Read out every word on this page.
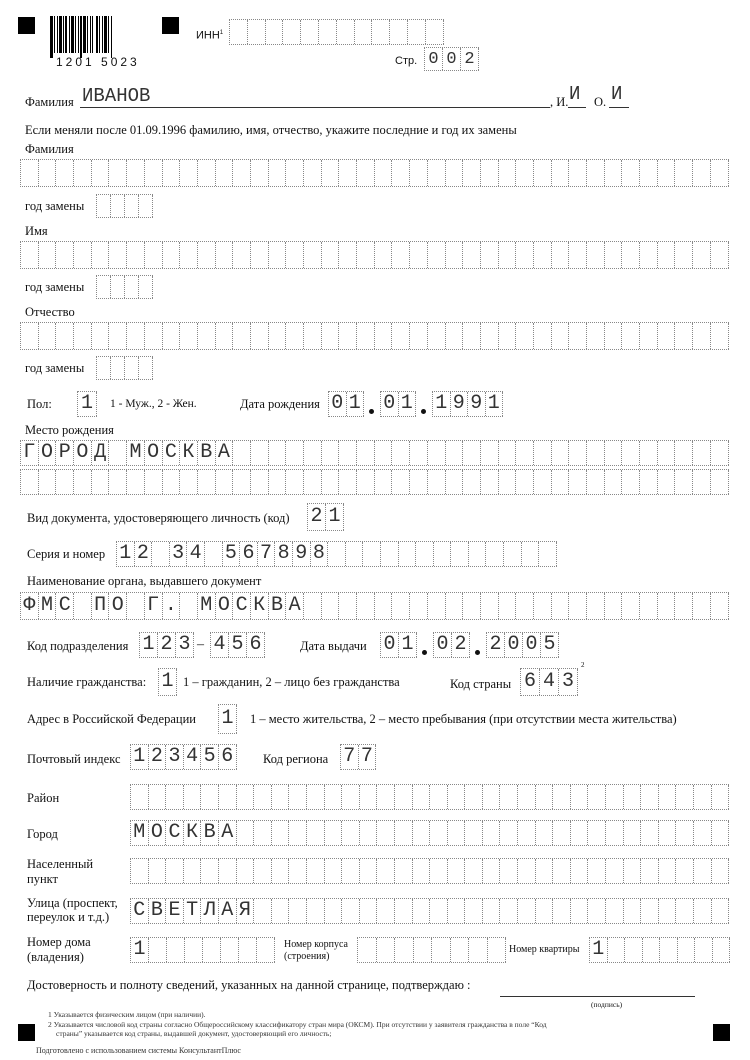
1201 5023
ИНН$^1$
Стр. 0 0 2
Фамилия ИВАНОВ	, И. И О. И
Если меняли после 01.09.1996 фамилию, имя, отчество, укажите последние и год их замены
Фамилия
год замены
Имя
год замены
Отчество
год замены
Пол: 1	1 - Муж., 2 - Жен.	Дата рождения 0 1 0 1 1 9 9 1
Место рождения
Г О Р О Д М О С К В А
Вид документа, удостоверяющего личность (код) 2 1
Серия и номер 1 2 3 4 5 6 7 8 9 8
Наименование органа, выдавшего документ
Ф М С П О Г . М О С К В А
Код подразделения 1 2 3 – 4 5 6	Дата выдачи 0 1 0 2 2 0 0 5
Наличие гражданства: 1 1 – гражданин, 2 – лицо без гражданства	Код страны 6 4 3
2
Адрес в Российской Федерации 1 1 – место жительства, 2 – место пребывания (при отсутствии места жительства)
Почтовый индекс 1 2 3 4 5 6 Код региона 7 7
Район
Город	М О С К В А
Населенный
пункт
Улица (проспект,
переулок и т.д.) С В Е Т Л А Я
Номер дома
(владения) 1	Номер корпуса
(строения)
Номер квартиры 1
Достоверность и полноту сведений, указанных на данной странице, подтверждаю :
(подпись)
1 Указывается физическим лицом (при наличии).
2 Указывается числовой код страны согласно Общероссийскому классификатору стран мира (ОКСМ). При отсутствии у заявителя гражданства в поле “Код
страны” указывается код страны, выдавшей документ, удостоверяющий его личность;
Подготовлено с использованием системы КонсультантПлюс
